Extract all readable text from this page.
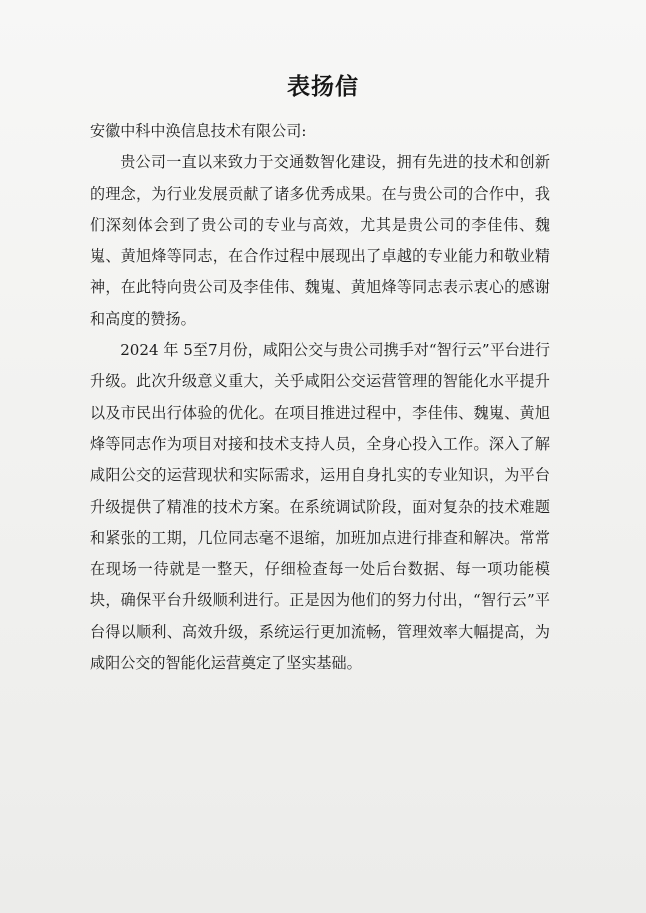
表扬信

安徽中科中涣信息技术有限公司:

贵公司一直以来致力于交通数智化建设，拥有先进的技术和创新的理念，为行业发展贡献了诸多优秀成果。在与贵公司的合作中，我们深刻体会到了贵公司的专业与高效，尤其是贵公司的李佳伟、魏嵬、黄旭烽等同志，在合作过程中展现出了卓越的专业能力和敬业精神，在此特向贵公司及李佳伟、魏嵬、黄旭烽等同志表示衷心的感谢和高度的赞扬。

2024 年 5至7月份，咸阳公交与贵公司携手对“智行云”平台进行升级。此次升级意义重大，关乎咸阳公交运营管理的智能化水平提升以及市民出行体验的优化。在项目推进过程中，李佳伟、魏嵬、黄旭烽等同志作为项目对接和技术支持人员，全身心投入工作。深入了解咸阳公交的运营现状和实际需求，运用自身扎实的专业知识，为平台升级提供了精准的技术方案。在系统调试阶段，面对复杂的技术难题和紧张的工期，几位同志毫不退缩，加班加点进行排查和解决。常常在现场一待就是一整天，仔细检查每一处后台数据、每一项功能模块，确保平台升级顺利进行。正是因为他们的努力付出，“智行云”平台得以顺利、高效升级，系统运行更加流畅，管理效率大幅提高，为咸阳公交的智能化运营奠定了坚实基础。
